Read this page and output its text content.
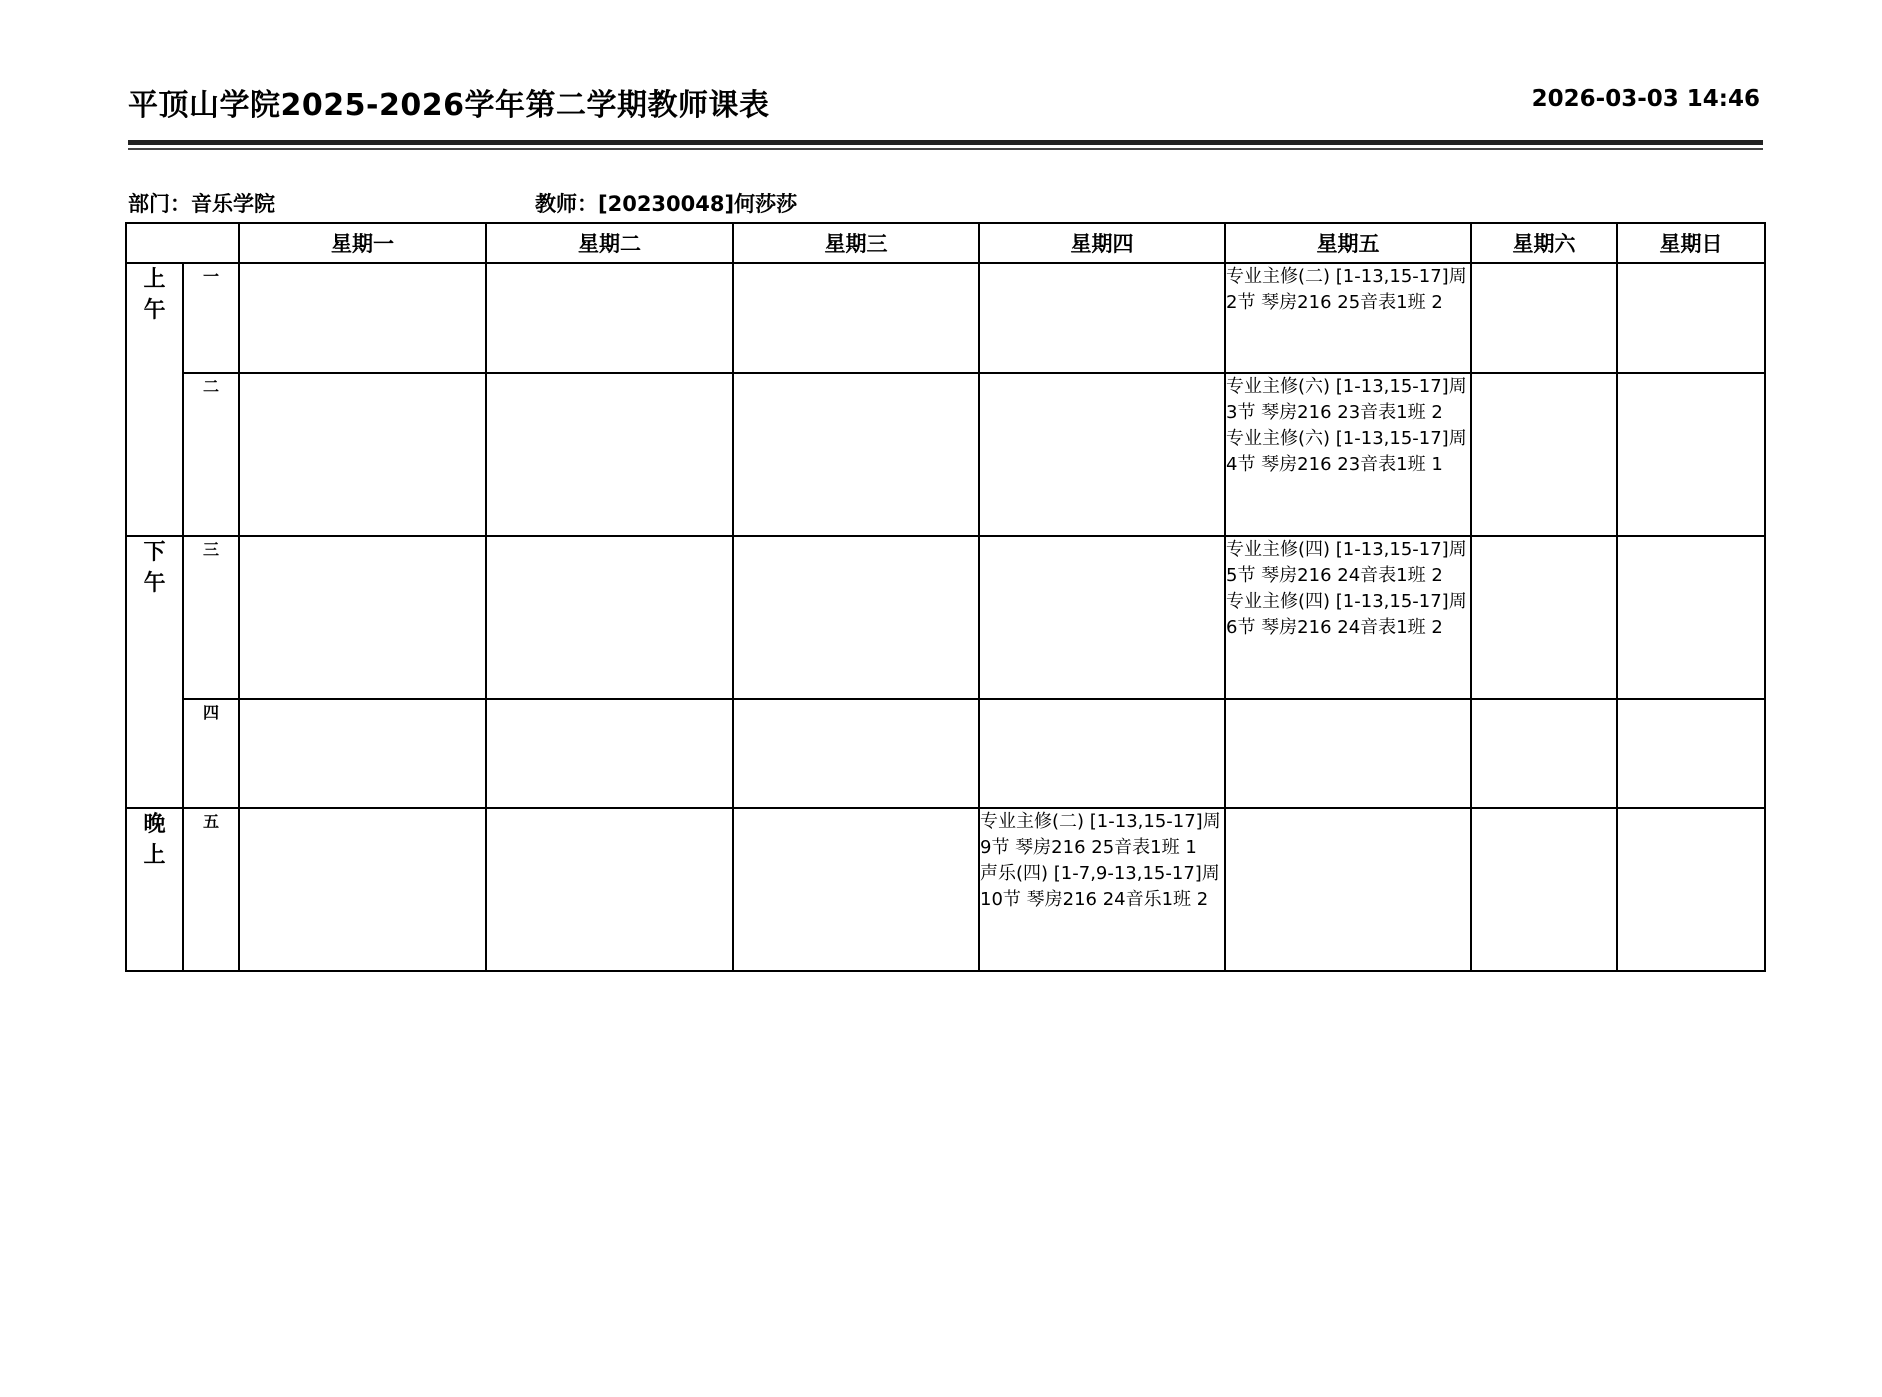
平顶山学院2025-2026学年第二学期教师课表	2026-03-03 14:46
部门：音乐学院	教师：[20230048]何莎莎
		星期一	星期二	星期三	星期四	星期五	星期六	星期日
上午	一					专业主修(二) [1-13,15-17]周 2节 琴房216 25音表1班 2		

	二					专业主修(六) [1-13,15-17]周 3节 琴房216 23音表1班 2
专业主修(六) [1-13,15-17]周 4节 琴房216 23音表1班 1		

下午	三					专业主修(四) [1-13,15-17]周 5节 琴房216 24音表1班 2
专业主修(四) [1-13,15-17]周 6节 琴房216 24音表1班 2		

	四							
晚上	五				专业主修(二) [1-13,15-17]周 9节 琴房216 25音表1班 1
声乐(四) [1-7,9-13,15-17]周 10节 琴房216 24音乐1班 2			
